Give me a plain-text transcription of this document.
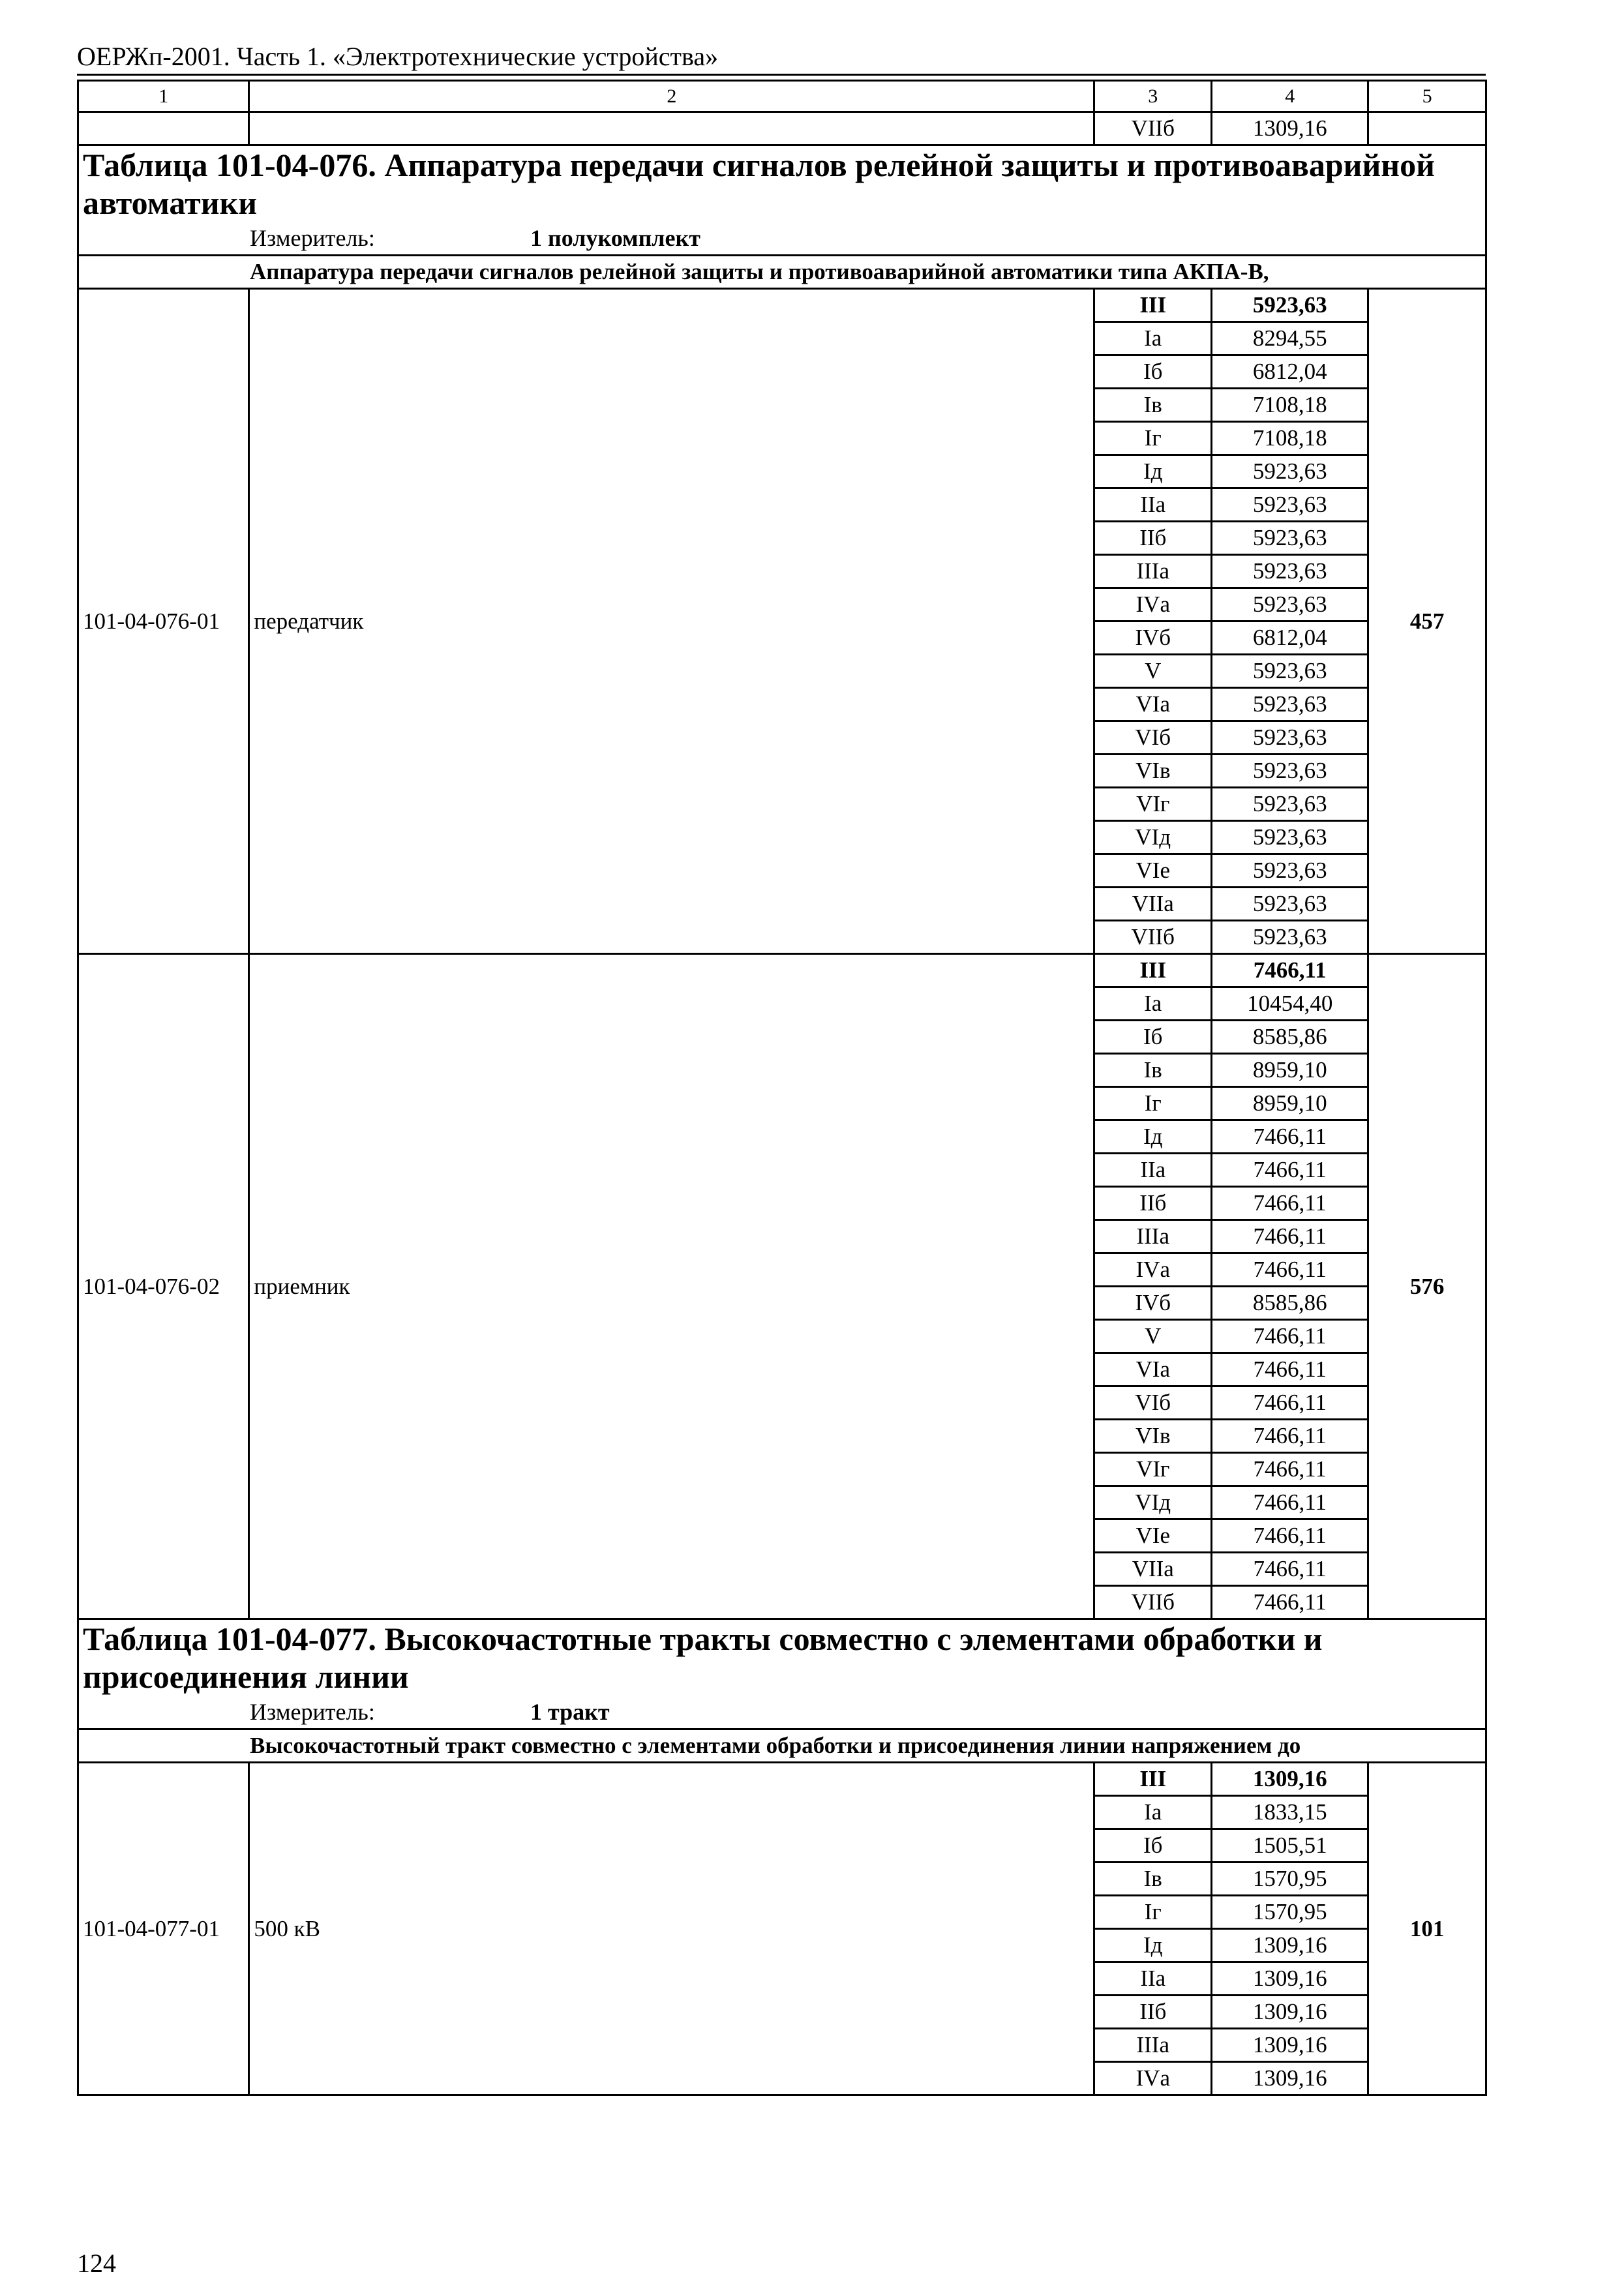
ОЕРЖп-2001. Часть 1. «Электротехнические устройства»
1	2	3	4	5
		VIIб	1309,16	

Таблица 101-04-076. Аппаратура передачи сигналов релейной защиты и противоаварийной автоматики
Измеритель: 1 полукомплект				

Аппаратура передачи сигналов релейной защиты и противоаварийной автоматики типа АКПА-В,				
101-04-076-01	передатчик	III	5923,63	457
		Iа	8294,55	
		Iб	6812,04	
		Iв	7108,18	
		Iг	7108,18	
		Iд	5923,63	
		IIа	5923,63	
		IIб	5923,63	
		IIIа	5923,63	
		IVа	5923,63	
		IVб	6812,04	
		V	5923,63	
		VIа	5923,63	
		VIб	5923,63	
		VIв	5923,63	
		VIг	5923,63	
		VIд	5923,63	
		VIе	5923,63	
		VIIа	5923,63	
		VIIб	5923,63	
101-04-076-02	приемник	III	7466,11	576
		Iа	10454,40	
		Iб	8585,86	
		Iв	8959,10	
		Iг	8959,10	
		Iд	7466,11	
		IIа	7466,11	
		IIб	7466,11	
		IIIа	7466,11	
		IVа	7466,11	
		IVб	8585,86	
		V	7466,11	
		VIа	7466,11	
		VIб	7466,11	
		VIв	7466,11	
		VIг	7466,11	
		VIд	7466,11	
		VIе	7466,11	
		VIIа	7466,11	
		VIIб	7466,11	

Таблица 101-04-077. Высокочастотные тракты совместно с элементами обработки и присоединения линии
Измеритель: 1 тракт				

Высокочастотный тракт совместно с элементами обработки и присоединения линии напряжением до				
101-04-077-01	500 кВ	III	1309,16	101
		Iа	1833,15	
		Iб	1505,51	
		Iв	1570,95	
		Iг	1570,95	
		Iд	1309,16	
		IIа	1309,16	
		IIб	1309,16	
		IIIа	1309,16	
		IVа	1309,16	
124
